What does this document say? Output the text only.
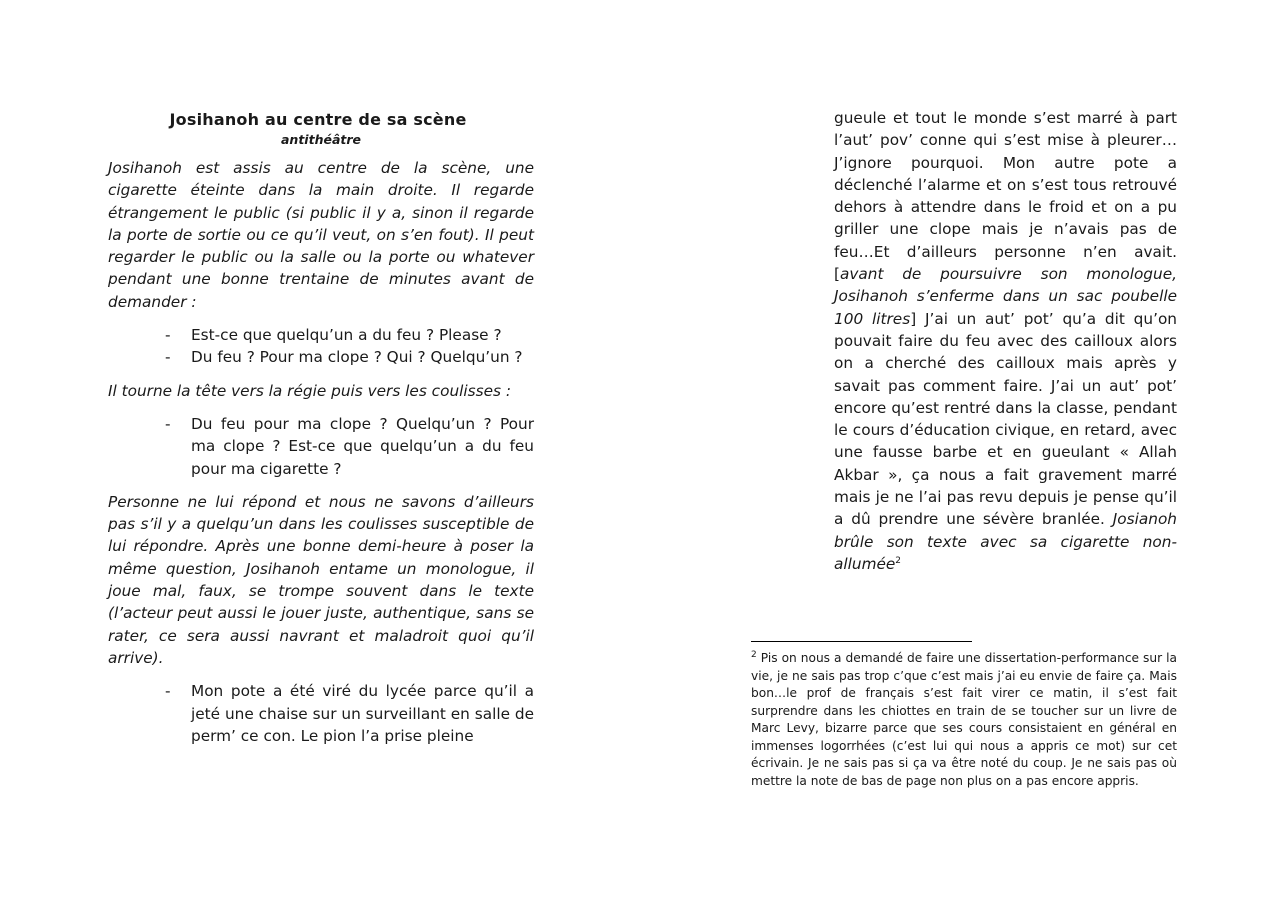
Josihanoh au centre de sa scène
antithéâtre

Josihanoh est assis au centre de la scène, une cigarette éteinte dans la main droite. Il regarde étrangement le public (si public il y a, sinon il regarde la porte de sortie ou ce qu’il veut, on s’en fout). Il peut regarder le public ou la salle ou la porte ou whatever pendant une bonne trentaine de minutes avant de demander :

- Est-ce que quelqu’un a du feu ? Please ?
- Du feu ? Pour ma clope ? Qui ? Quelqu’un ?

Il tourne la tête vers la régie puis vers les coulisses :

- Du feu pour ma clope ? Quelqu’un ? Pour ma clope ? Est-ce que quelqu’un a du feu pour ma cigarette ?

Personne ne lui répond et nous ne savons d’ailleurs pas s’il y a quelqu’un dans les coulisses susceptible de lui répondre. Après une bonne demi-heure à poser la même question, Josihanoh entame un monologue, il joue mal, faux, se trompe souvent dans le texte (l’acteur peut aussi le jouer juste, authentique, sans se rater, ce sera aussi navrant et maladroit quoi qu’il arrive).

- Mon pote a été viré du lycée parce qu’il a jeté une chaise sur un surveillant en salle de perm’ ce con. Le pion l’a prise pleine

gueule et tout le monde s’est marré à part l’aut’ pov’ conne qui s’est mise à pleurer…J’ignore pourquoi. Mon autre pote a déclenché l’alarme et on s’est tous retrouvé dehors à attendre dans le froid et on a pu griller une clope mais je n’avais pas de feu…Et d’ailleurs personne n’en avait. [avant de poursuivre son monologue, Josihanoh s’enferme dans un sac poubelle 100 litres] J’ai un aut’ pot’ qu’a dit qu’on pouvait faire du feu avec des cailloux alors on a cherché des cailloux mais après y savait pas comment faire. J’ai un aut’ pot’ encore qu’est rentré dans la classe, pendant le cours d’éducation civique, en retard, avec une fausse barbe et en gueulant « Allah Akbar », ça nous a fait gravement marré mais je ne l’ai pas revu depuis je pense qu’il a dû prendre une sévère branlée. Josianoh brûle son texte avec sa cigarette non-allumée$^2$

$^2$ Pis on nous a demandé de faire une dissertation-performance sur la vie, je ne sais pas trop c’que c’est mais j’ai eu envie de faire ça. Mais bon…le prof de français s’est fait virer ce matin, il s’est fait surprendre dans les chiottes en train de se toucher sur un livre de Marc Levy, bizarre parce que ses cours consistaient en général en immenses logorrhées (c’est lui qui nous a appris ce mot) sur cet écrivain. Je ne sais pas si ça va être noté du coup. Je ne sais pas où mettre la note de bas de page non plus on a pas encore appris.
